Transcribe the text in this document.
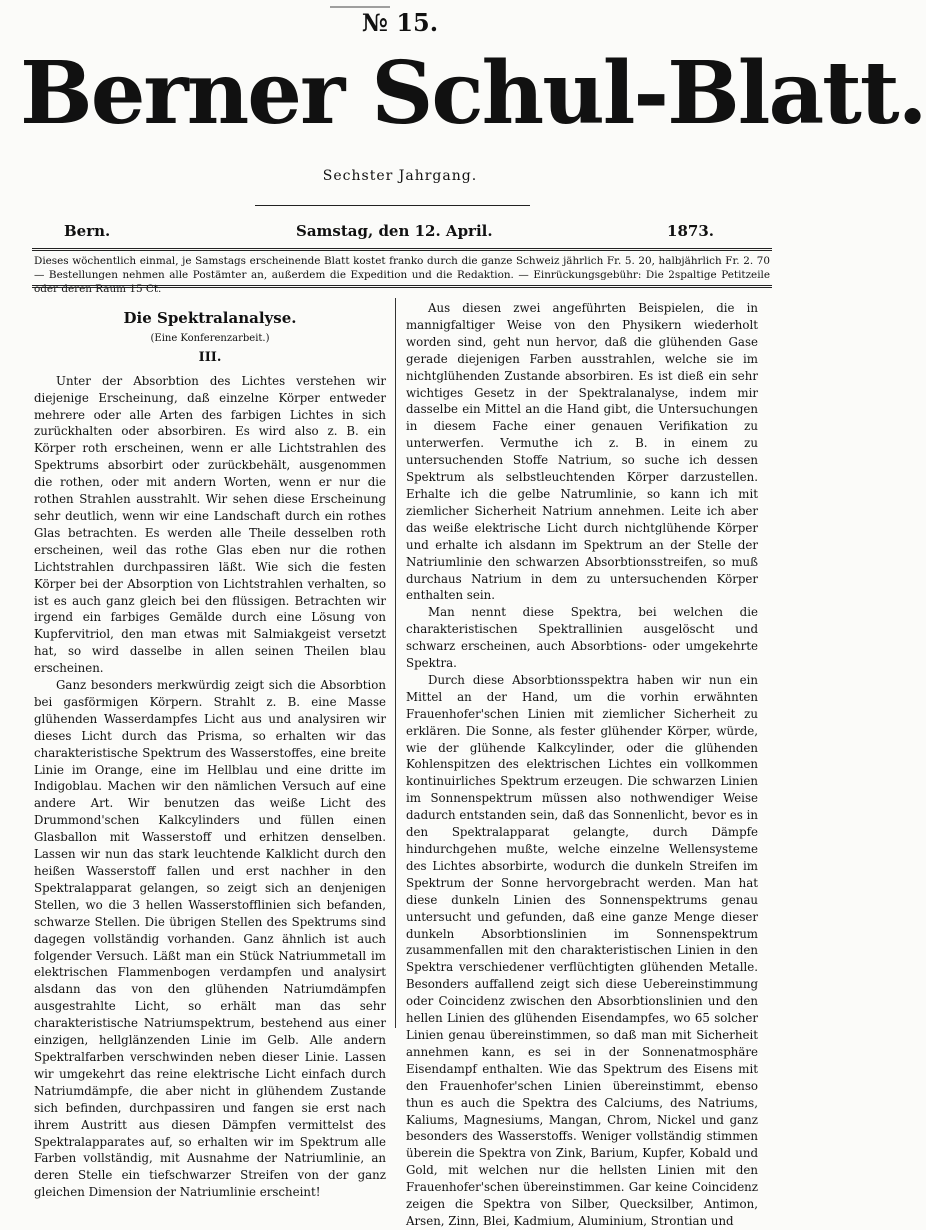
№ 15.
Berner Schul-Blatt.
Sechster Jahrgang.
Bern.	Samstag, den 12. April.	1873.
Dieses wöchentlich einmal, je Samstags erscheinende Blatt kostet franko durch die ganze Schweiz jährlich Fr. 5. 20, halbjährlich Fr. 2. 70 — Bestellungen nehmen alle Postämter an, außerdem die Expedition und die Redaktion. — Einrückungsgebühr: Die 2spaltige Petitzeile oder deren Raum 15 Ct.
Die Spektralanalyse.
(Eine Konferenzarbeit.)
III.

Unter der Absorbtion des Lichtes verstehen wir diejenige Erscheinung, daß einzelne Körper entweder mehrere oder alle Arten des farbigen Lichtes in sich zurückhalten oder absorbiren. Es wird also z. B. ein Körper roth erscheinen, wenn er alle Lichtstrahlen des Spektrums absorbirt oder zurückbehält, ausgenommen die rothen, oder mit andern Worten, wenn er nur die rothen Strahlen ausstrahlt. Wir sehen diese Erscheinung sehr deutlich, wenn wir eine Landschaft durch ein rothes Glas betrachten. Es werden alle Theile desselben roth erscheinen, weil das rothe Glas eben nur die rothen Lichtstrahlen durchpassiren läßt. Wie sich die festen Körper bei der Absorption von Lichtstrahlen verhalten, so ist es auch ganz gleich bei den flüssigen. Betrachten wir irgend ein farbiges Gemälde durch eine Lösung von Kupfervitriol, den man etwas mit Salmiakgeist versetzt hat, so wird dasselbe in allen seinen Theilen blau erscheinen.

Ganz besonders merkwürdig zeigt sich die Absorbtion bei gasförmigen Körpern. Strahlt z. B. eine Masse glühenden Wasserdampfes Licht aus und analysiren wir dieses Licht durch das Prisma, so erhalten wir das charakteristische Spektrum des Wasserstoffes, eine breite Linie im Orange, eine im Hellblau und eine dritte im Indigoblau. Machen wir den nämlichen Versuch auf eine andere Art. Wir benutzen das weiße Licht des Drummond'schen Kalkcylinders und füllen einen Glasballon mit Wasserstoff und erhitzen denselben. Lassen wir nun das stark leuchtende Kalklicht durch den heißen Wasserstoff fallen und erst nachher in den Spektralapparat gelangen, so zeigt sich an denjenigen Stellen, wo die 3 hellen Wasserstofflinien sich befanden, schwarze Stellen. Die übrigen Stellen des Spektrums sind dagegen vollständig vorhanden. Ganz ähnlich ist auch folgender Versuch. Läßt man ein Stück Natriummetall im elektrischen Flammenbogen verdampfen und analysirt alsdann das von den glühenden Natriumdämpfen ausgestrahlte Licht, so erhält man das sehr charakteristische Natriumspektrum, bestehend aus einer einzigen, hellglänzenden Linie im Gelb. Alle andern Spektralfarben verschwinden neben dieser Linie. Lassen wir umgekehrt das reine elektrische Licht einfach durch Natriumdämpfe, die aber nicht in glühendem Zustande sich befinden, durchpassiren und fangen sie erst nach ihrem Austritt aus diesen Dämpfen vermittelst des Spektralapparates auf, so erhalten wir im Spektrum alle Farben vollständig, mit Ausnahme der Natriumlinie, an deren Stelle ein tiefschwarzer Streifen von der ganz gleichen Dimension der Natriumlinie erscheint!

Aus diesen zwei angeführten Beispielen, die in mannigfaltiger Weise von den Physikern wiederholt worden sind, geht nun hervor, daß die glühenden Gase gerade diejenigen Farben ausstrahlen, welche sie im nichtglühenden Zustande absorbiren. Es ist dieß ein sehr wichtiges Gesetz in der Spektralanalyse, indem mir dasselbe ein Mittel an die Hand gibt, die Untersuchungen in diesem Fache einer genauen Verifikation zu unterwerfen. Vermuthe ich z. B. in einem zu untersuchenden Stoffe Natrium, so suche ich dessen Spektrum als selbstleuchtenden Körper darzustellen. Erhalte ich die gelbe Natrumlinie, so kann ich mit ziemlicher Sicherheit Natrium annehmen. Leite ich aber das weiße elektrische Licht durch nichtglühende Körper und erhalte ich alsdann im Spektrum an der Stelle der Natriumlinie den schwarzen Absorbtionsstreifen, so muß durchaus Natrium in dem zu untersuchenden Körper enthalten sein.

Man nennt diese Spektra, bei welchen die charakteristischen Spektrallinien ausgelöscht und schwarz erscheinen, auch Absorbtions- oder umgekehrte Spektra.

Durch diese Absorbtionsspektra haben wir nun ein Mittel an der Hand, um die vorhin erwähnten Frauenhofer'schen Linien mit ziemlicher Sicherheit zu erklären. Die Sonne, als fester glühender Körper, würde, wie der glühende Kalkcylinder, oder die glühenden Kohlenspitzen des elektrischen Lichtes ein vollkommen kontinuirliches Spektrum erzeugen. Die schwarzen Linien im Sonnenspektrum müssen also nothwendiger Weise dadurch entstanden sein, daß das Sonnenlicht, bevor es in den Spektralapparat gelangte, durch Dämpfe hindurchgehen mußte, welche einzelne Wellensysteme des Lichtes absorbirte, wodurch die dunkeln Streifen im Spektrum der Sonne hervorgebracht werden. Man hat diese dunkeln Linien des Sonnenspektrums genau untersucht und gefunden, daß eine ganze Menge dieser dunkeln Absorbtionslinien im Sonnenspektrum zusammenfallen mit den charakteristischen Linien in den Spektra verschiedener verflüchtigten glühenden Metalle. Besonders auffallend zeigt sich diese Uebereinstimmung oder Coincidenz zwischen den Absorbtionslinien und den hellen Linien des glühenden Eisendampfes, wo 65 solcher Linien genau übereinstimmen, so daß man mit Sicherheit annehmen kann, es sei in der Sonnenatmosphäre Eisendampf enthalten. Wie das Spektrum des Eisens mit den Frauenhofer'schen Linien übereinstimmt, ebenso thun es auch die Spektra des Calciums, des Natriums, Kaliums, Magnesiums, Mangan, Chrom, Nickel und ganz besonders des Wasserstoffs. Weniger vollständig stimmen überein die Spektra von Zink, Barium, Kupfer, Kobald und Gold, mit welchen nur die hellsten Linien mit den Frauenhofer'schen übereinstimmen. Gar keine Coincidenz zeigen die Spektra von Silber, Quecksilber, Antimon, Arsen, Zinn, Blei, Kadmium, Aluminium, Strontian und
